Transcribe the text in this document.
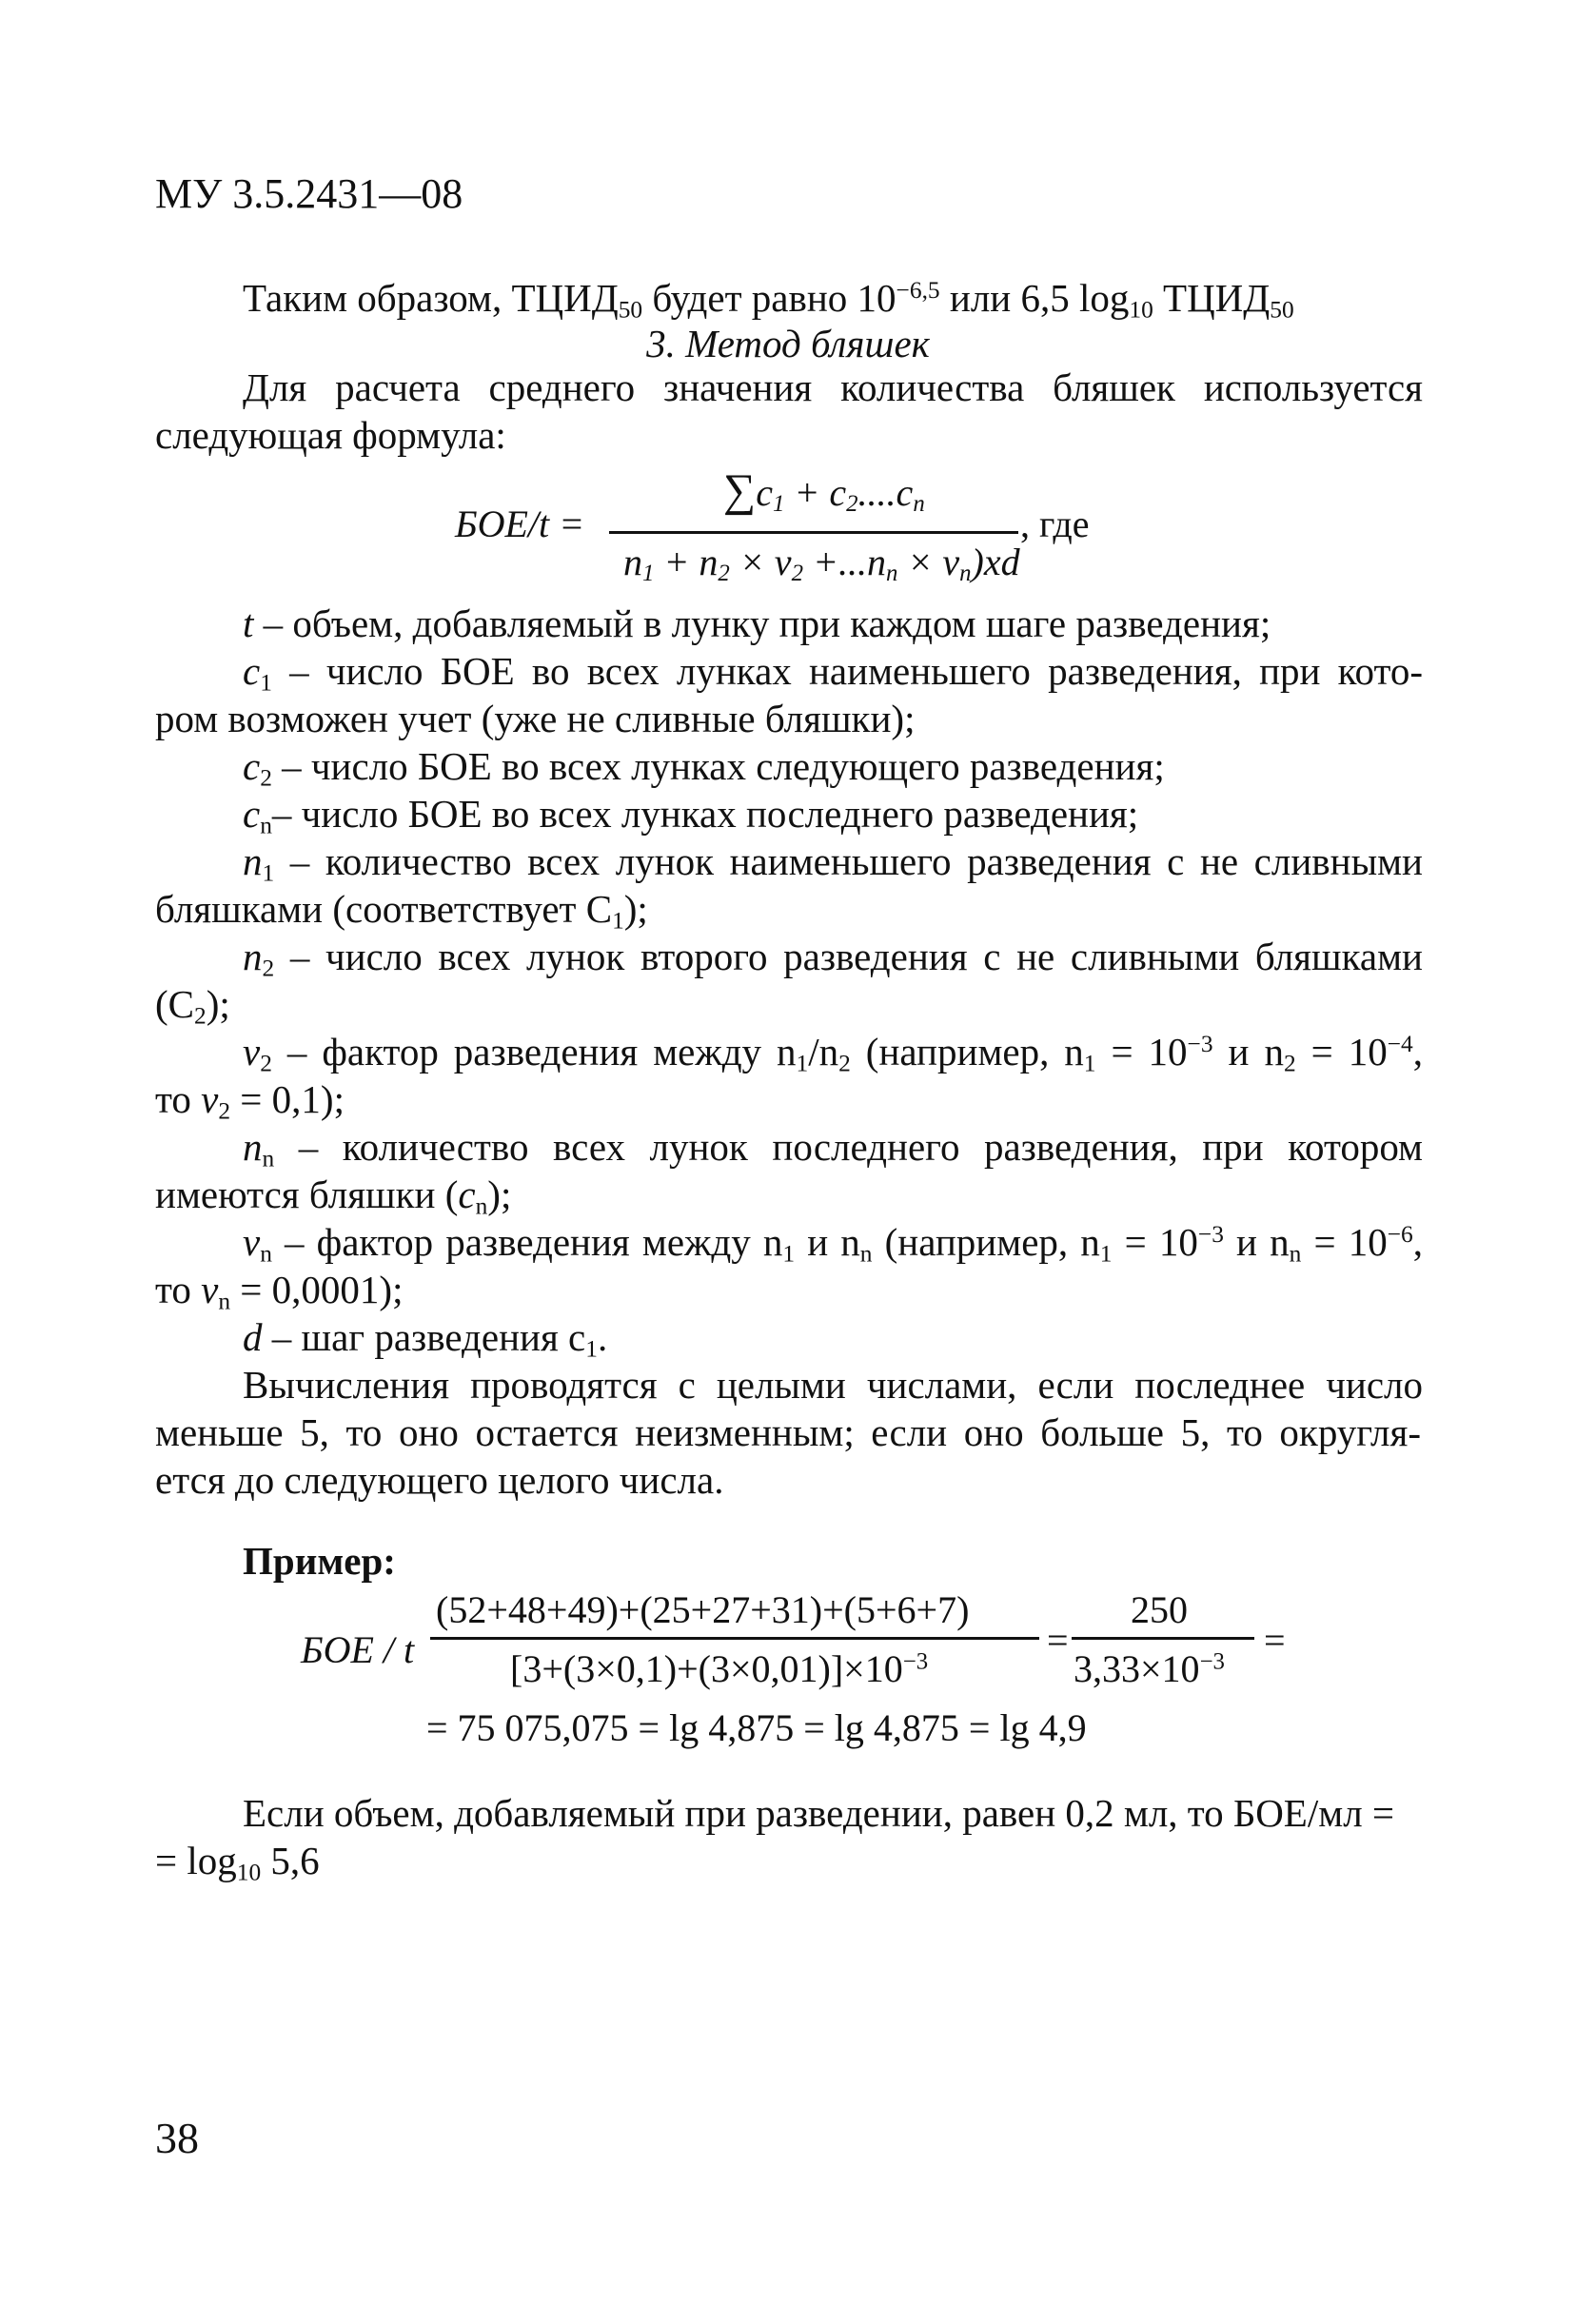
МУ 3.5.2431—08
Таким образом, $ТЦИД_{50}$ будет равно $10^{-6,5}$ или 6,5 $\log_{10}$ $ТЦИД_{50}$
3. Метод бляшек
Для расчета среднего значения количества бляшек используется
следующая формула:
БОЕ/t =
$\sum c_1 + c_2....c_n$
$n_1 + n_2 \times v_2 +...n_n \times v_n)xd$
, где
t – объем, добавляемый в лунку при каждом шаге разведения;
$c_1$ – число БОЕ во всех лунках наименьшего разведения, при кото-
ром возможен учет (уже не сливные бляшки);
$c_2$ – число БОЕ во всех лунках следующего разведения;
$c_n-$ число БОЕ во всех лунках последнего разведения;
$n_1$ – количество всех лунок наименьшего разведения с не сливными
бляшками (соответствует $C_1$);
$n_2$ – число всех лунок второго разведения с не сливными бляшками
$(C_2)$;
$v_2$ – фактор разведения между $n_1/n_2$ (например, $n_1 = 10^{-3}$ и $n_2 = 10^{-4}$,
то $v_2 = 0,1$);
$n_n$ – количество всех лунок последнего разведения, при котором
имеются бляшки $(c_n)$;
$v_n$ – фактор разведения между $n_1$ и $n_n$ (например, $n_1 = 10^{-3}$ и $n_n = 10^{-6}$,
то $v_n = 0,0001$);
d – шаг разведения $c_1$.
Вычисления проводятся с целыми числами, если последнее число
меньше 5, то оно остается неизменным; если оно больше 5, то округля-
ется до следующего целого числа.
Пример:
БОЕ / t
(52+48+49)+(25+27+31)+(5+6+7)
$[3+(3\times 0,1)+(3\times 0,01)]\times 10^{-3}$	=
250
$3,33\times 10^{-3}$ =
= 75 075,075 = lg 4,875 = lg 4,875 = lg 4,9
Если объем, добавляемый при разведении, равен 0,2 мл, то БОЕ/мл =
= $\log_{10} 5,6$
38
